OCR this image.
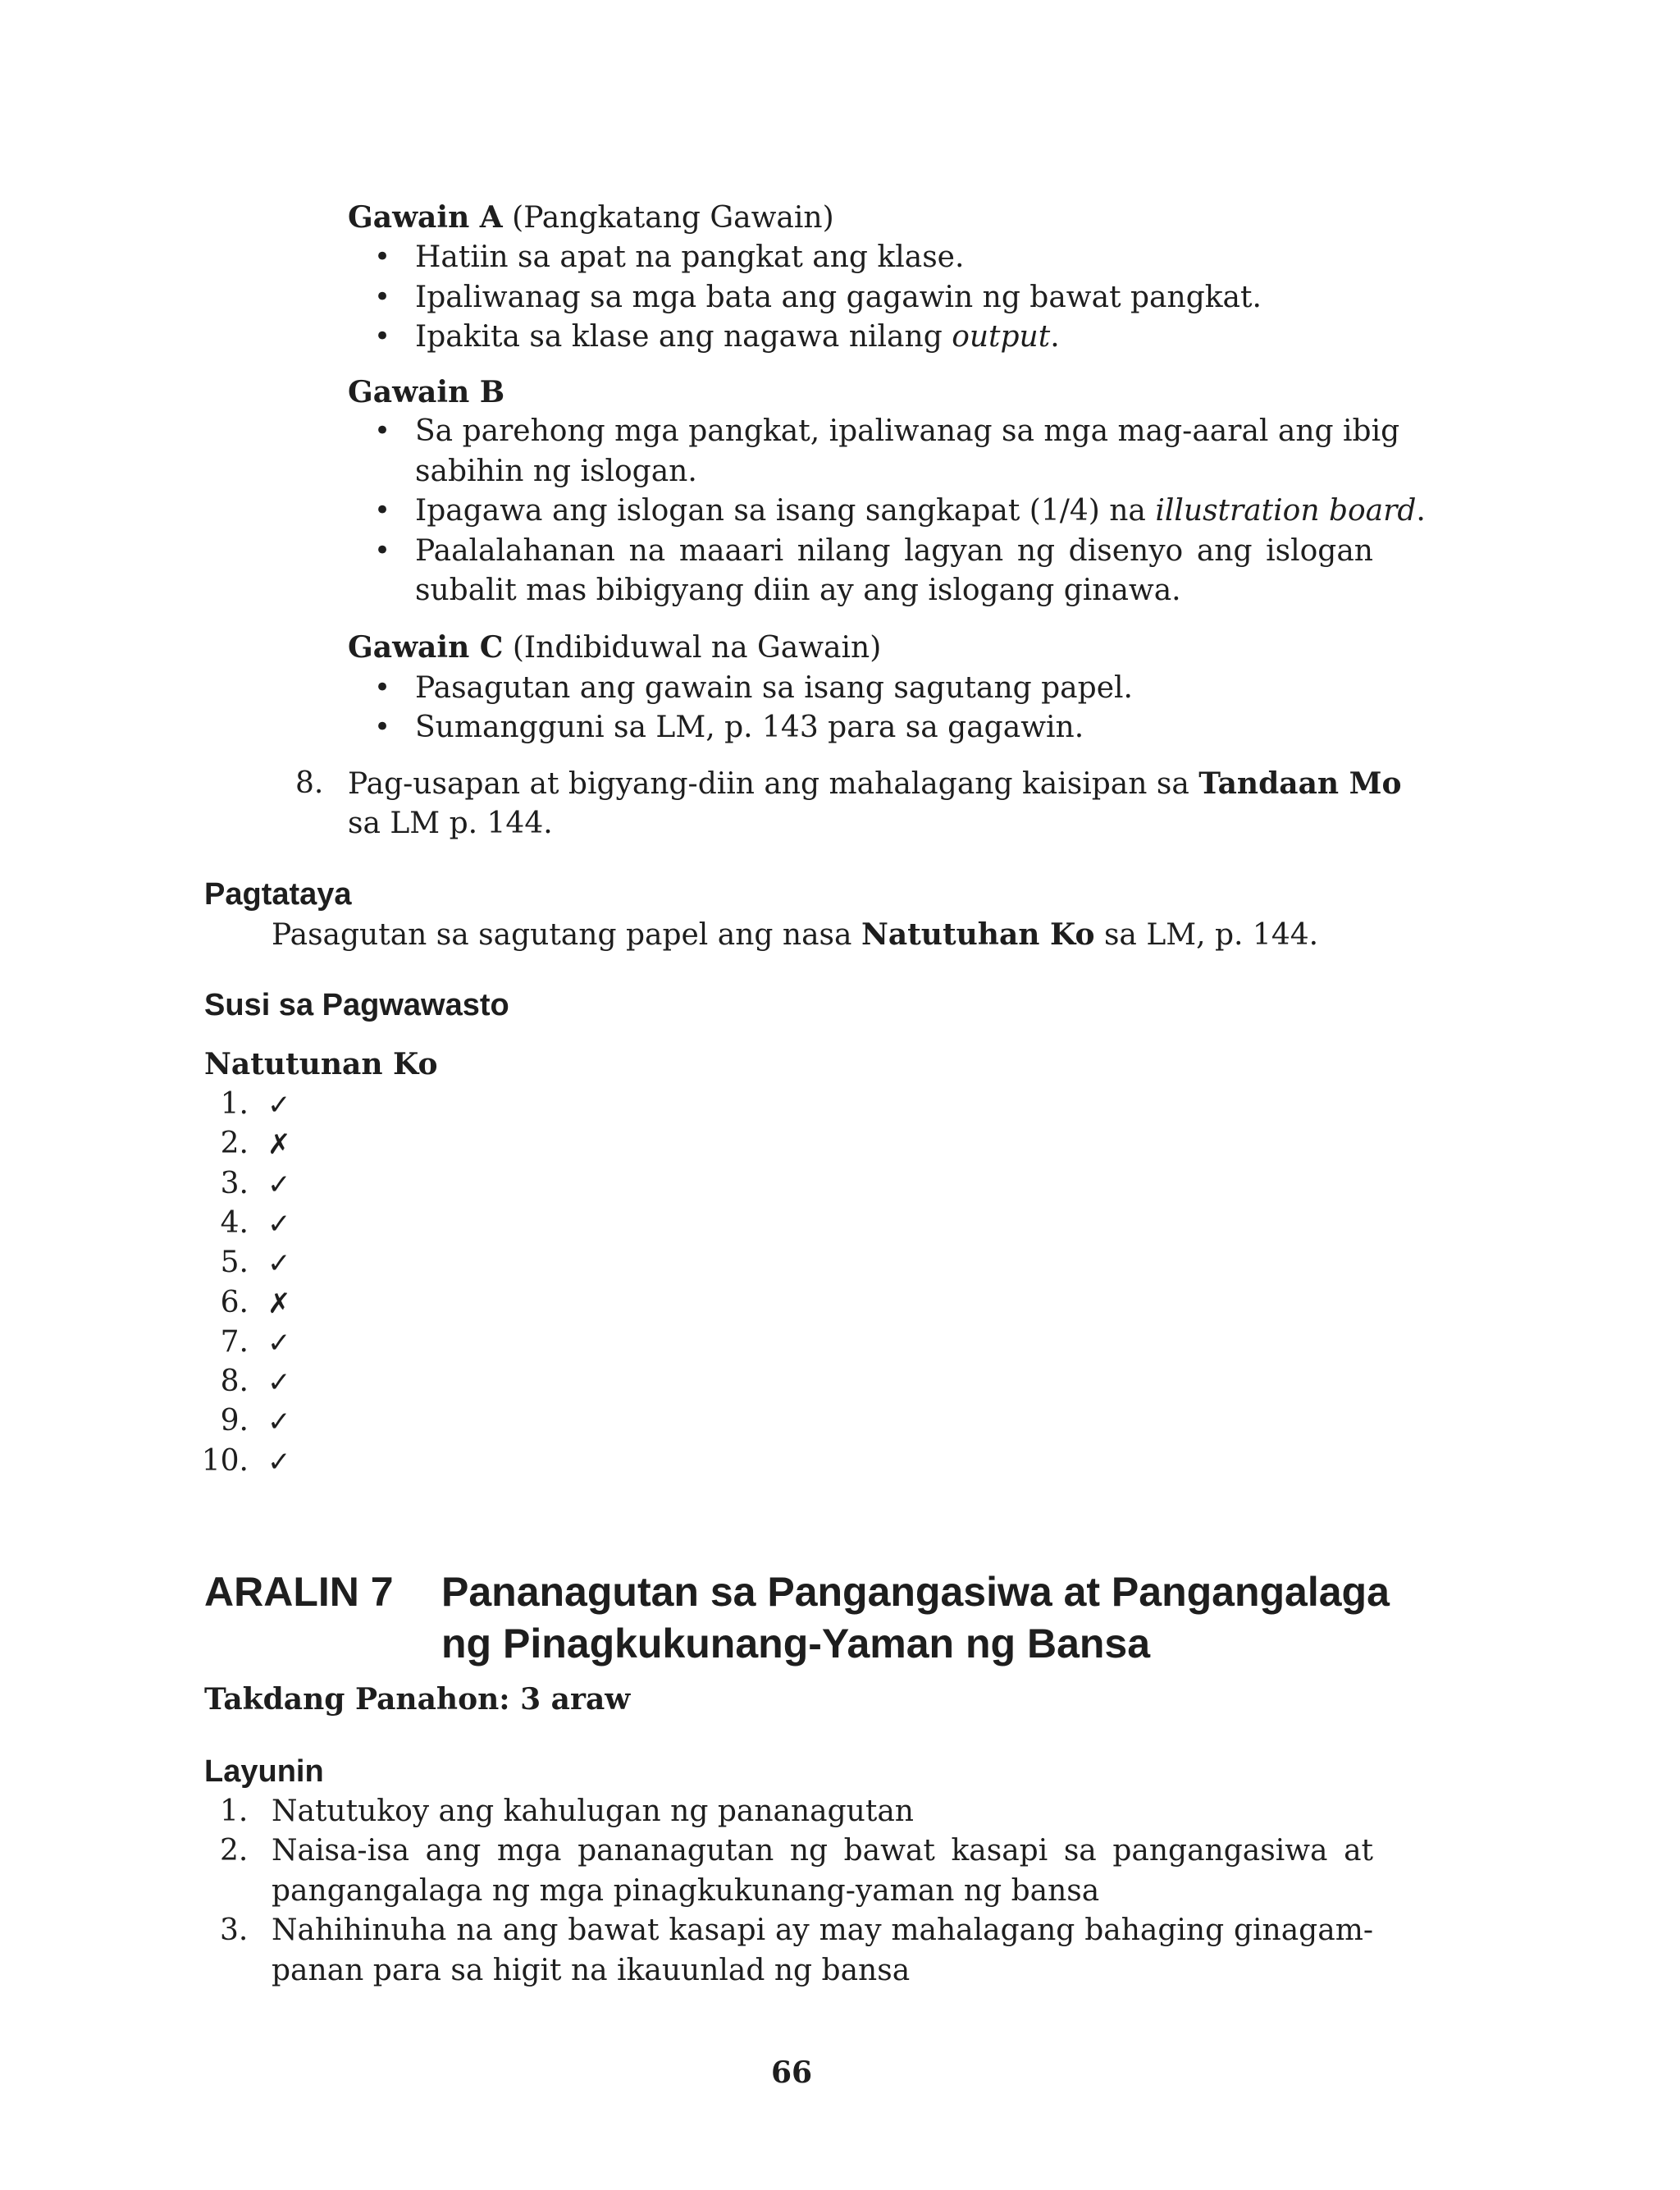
Gawain A (Pangkatang Gawain)
• Hatiin sa apat na pangkat ang klase.
• Ipaliwanag sa mga bata ang gagawin ng bawat pangkat.
• Ipakita sa klase ang nagawa nilang output.
Gawain B
• Sa parehong mga pangkat, ipaliwanag sa mga mag-aaral ang ibig
sabihin ng islogan.
• Ipagawa ang islogan sa isang sangkapat (1/4) na illustration board.
• Paalalahanan na maaari nilang lagyan ng disenyo ang islogan
subalit mas bibigyang diin ay ang islogang ginawa.
Gawain C (Indibiduwal na Gawain)
• Pasagutan ang gawain sa isang sagutang papel.
• Sumangguni sa LM, p. 143 para sa gagawin.
8. Pag-usapan at bigyang-diin ang mahalagang kaisipan sa Tandaan Mo
sa LM p. 144.
Pagtataya
Pasagutan sa sagutang papel ang nasa Natutuhan Ko sa LM, p. 144.
Susi sa Pagwawasto
Natutunan Ko
1. ✓
2. ✗
3. ✓
4. ✓
5. ✓
6. ✗
7. ✓
8. ✓
9. ✓
10. ✓
ARALIN 7 Pananagutan sa Pangangasiwa at Pangangalaga
ng Pinagkukunang-Yaman ng Bansa
Takdang Panahon: 3 araw
Layunin
1. Natutukoy ang kahulugan ng pananagutan
2. Naisa-isa ang mga pananagutan ng bawat kasapi sa pangangasiwa at
pangangalaga ng mga pinagkukunang-yaman ng bansa
3. Nahihinuha na ang bawat kasapi ay may mahalagang bahaging ginagam-
panan para sa higit na ikauunlad ng bansa
66
